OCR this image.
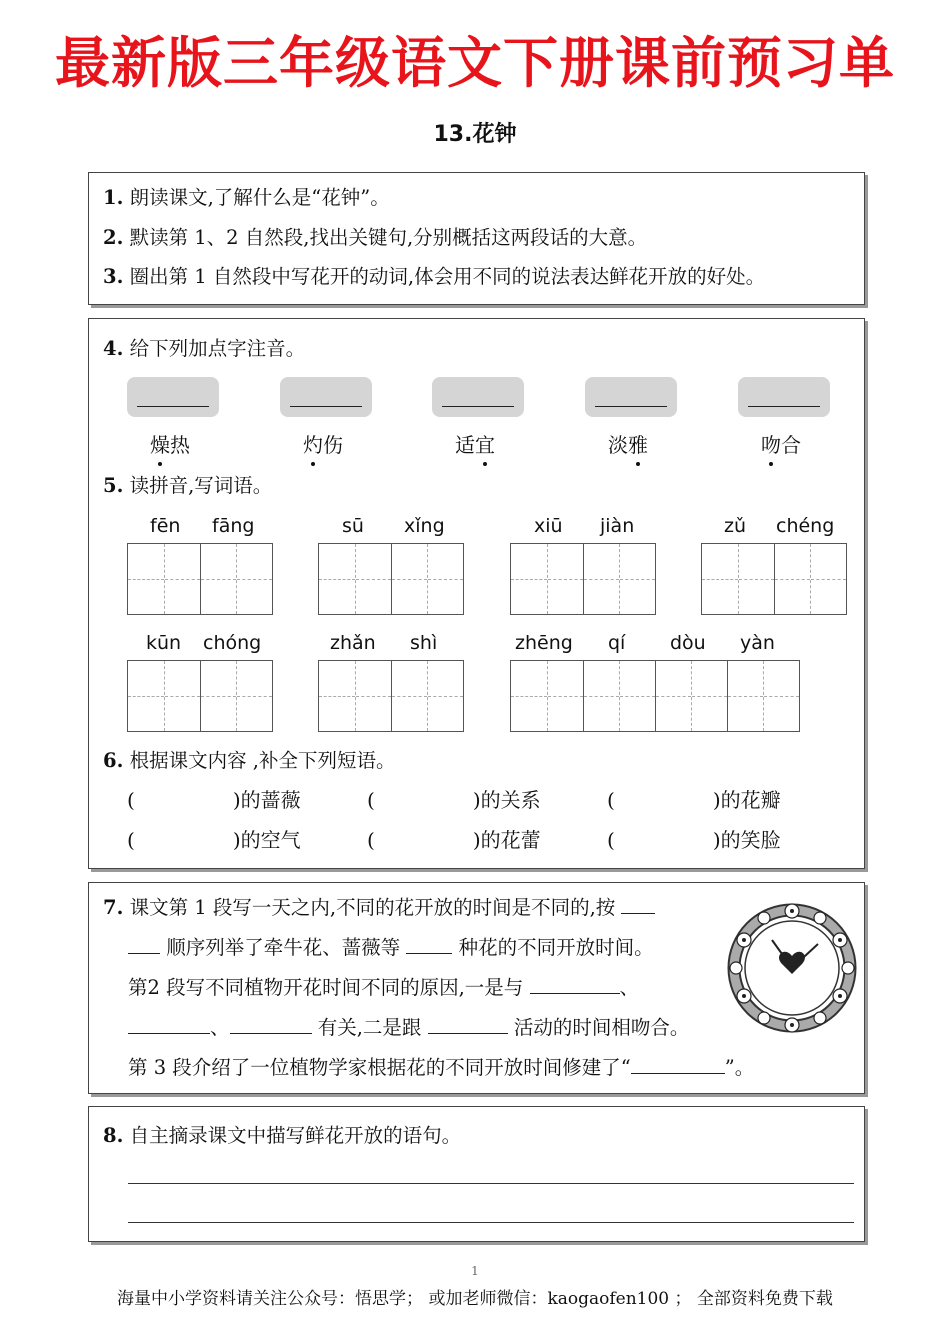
最新版三年级语文下册课前预习单
13.花钟
1. 朗读课文,了解什么是“花钟”。
2. 默读第 1、2 自然段,找出关键句,分别概括这两段话的大意。
3. 圈出第 1 自然段中写花开的动词,体会用不同的说法表达鲜花开放的好处。
4. 给下列加点字注音。
燥热	灼伤	适宜	淡雅	吻合
5. 读拼音,写词语。
fēn fāng	sū xǐng	xiū jiàn	zǔ chéng
kūn chóng	zhǎn shì	zhēng qí dòu yàn
6. 根据课文内容 ,补全下列短语。
(	)的蔷薇	(	)的关系	(	)的花瓣
(	)的空气	(	)的花蕾	(	)的笑脸
7. 课文第 1 段写一天之内,不同的花开放的时间是不同的,按
顺序列举了牵牛花、蔷薇等	种花的不同开放时间。
第2 段写不同植物开花时间不同的原因,一是与	、
、	有关,二是跟	活动的时间相吻合。
第 3 段介绍了一位植物学家根据花的不同开放时间修建了“	”。
8. 自主摘录课文中描写鲜花开放的语句。
1
海量中小学资料请关注公众号：悟思学； 或加老师微信：kaogaofen100 ； 全部资料免费下载
